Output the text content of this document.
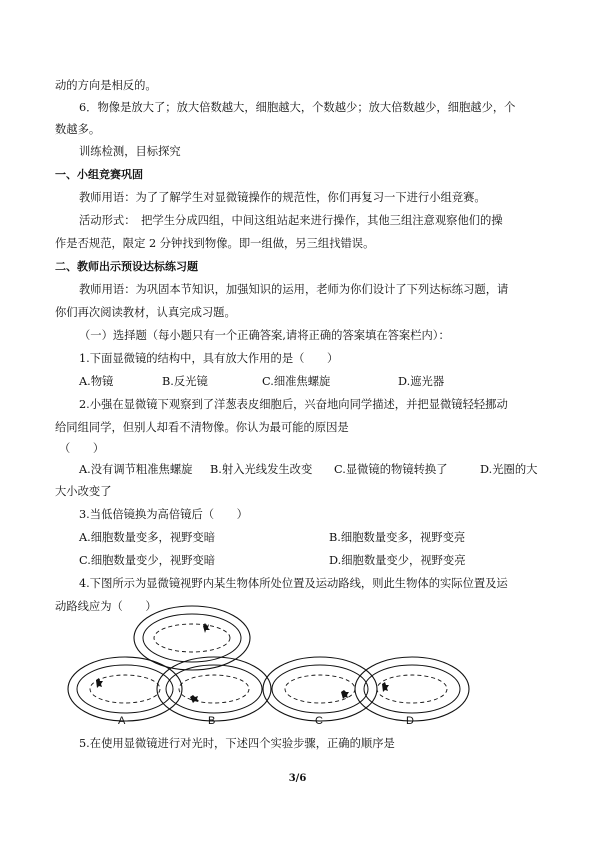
动的方向是相反的。
6．物像是放大了；放大倍数越大，细胞越大，个数越少；放大倍数越少，细胞越少，个
数越多。
训练检测，目标探究
一、小组竞赛巩固
教师用语：为了了解学生对显微镜操作的规范性，你们再复习一下进行小组竞赛。
活动形式：　把学生分成四组，中间这组站起来进行操作，其他三组注意观察他们的操
作是否规范，限定 2 分钟找到物像。即一组做，另三组找错误。
二、教师出示预设达标练习题
教师用语：为巩固本节知识，加强知识的运用，老师为你们设计了下列达标练习题，请
你们再次阅读教材，认真完成习题。
（一）选择题（每小题只有一个正确答案,请将正确的答案填在答案栏内）：
1.下面显微镜的结构中，具有放大作用的是（　　）
A.物镜	B.反光镜	C.细准焦螺旋	D.遮光器
2.小强在显微镜下观察到了洋葱表皮细胞后，兴奋地向同学描述，并把显微镜轻轻挪动
给同组同学，但别人却看不清物像。你认为最可能的原因是
（　　）
A.没有调节粗准焦螺旋 B.射入光线发生改变 C.显微镜的物镜转换了	D.光圈的大
大小改变了
3.当低倍镜换为高倍镜后（　　）
A.细胞数量变多，视野变暗	B.细胞数量变多，视野变亮
C.细胞数量变少，视野变暗	D.细胞数量变少，视野变亮
4.下图所示为显微镜视野内某生物体所处位置及运动路线，则此生物体的实际位置及运
动路线应为（　　）
A	B	C	D
5.在使用显微镜进行对光时，下述四个实验步骤，正确的顺序是
3/6
